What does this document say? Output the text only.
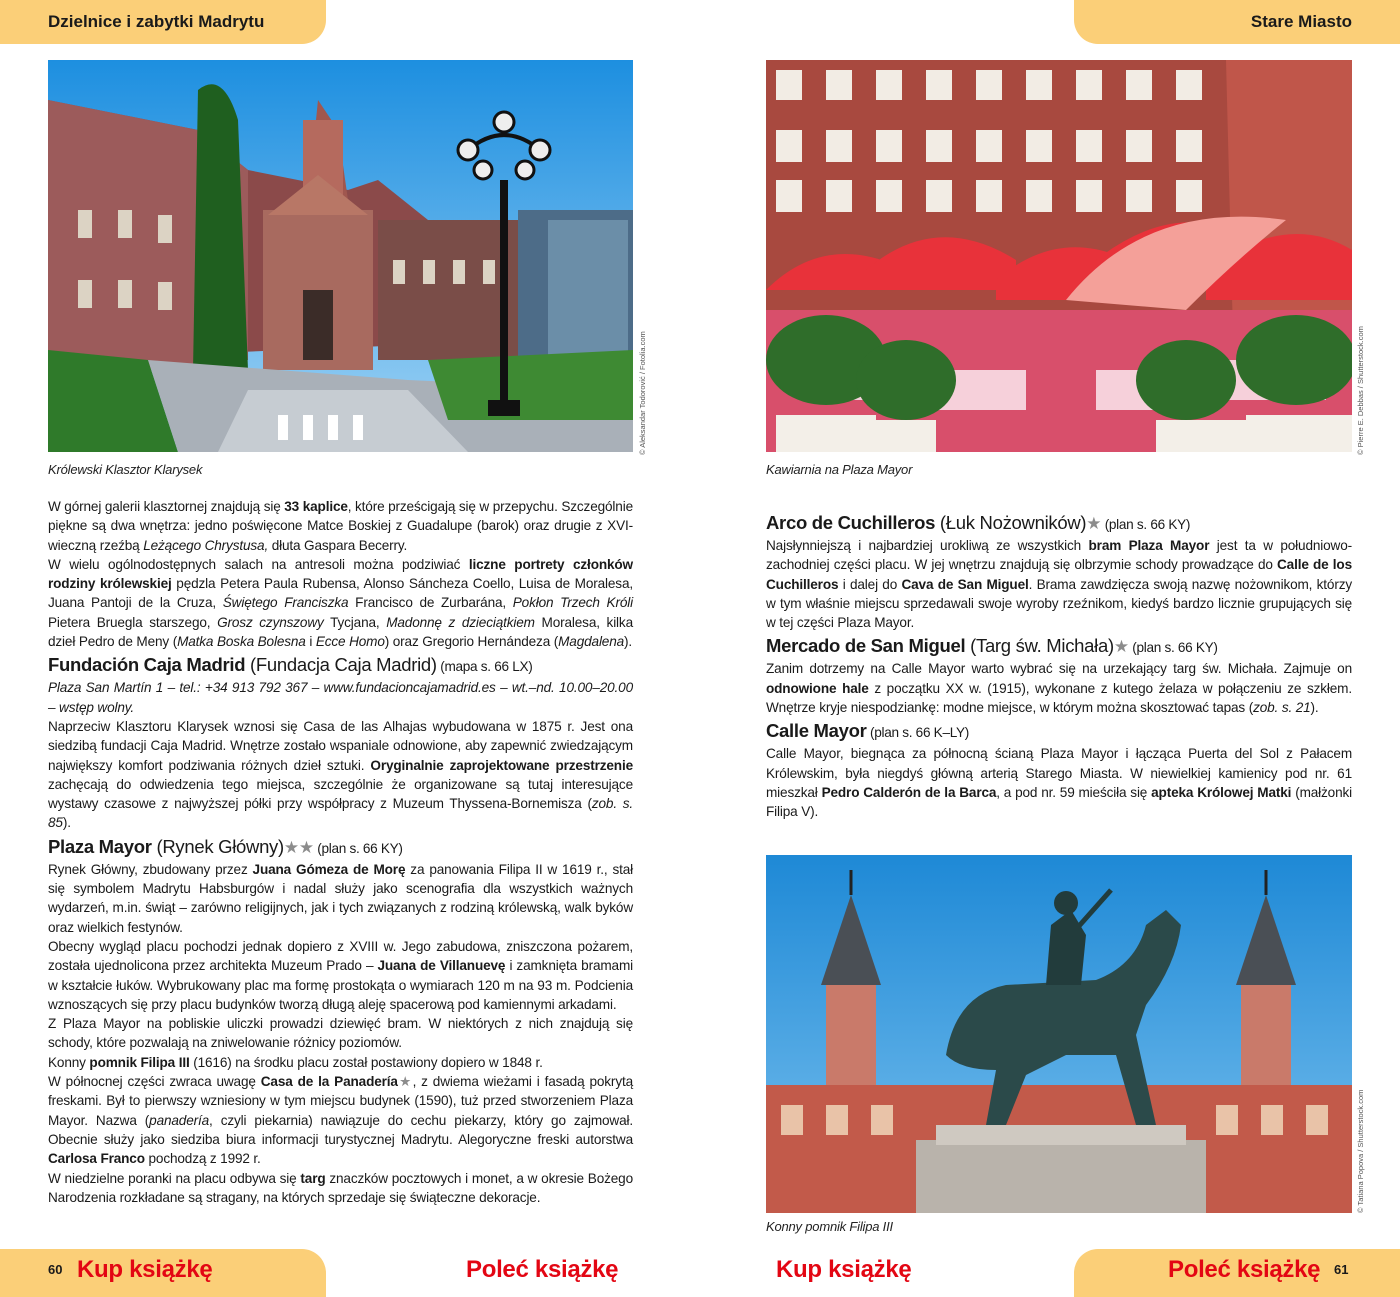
Dzielnice i zabytki Madrytu	Stare Miasto
© Aleksandar Todorović / Fotolia.com
Królewski Klasztor Klarysek
© Pierre E. Debbas / Shutterstock.com
Kawiarnia na Plaza Mayor
© Tatiana Popova / Shutterstock.com
Konny pomnik Filipa III

W górnej galerii klasztornej znajdują się 33 kaplice, które prześcigają się w przepychu. Szczególnie piękne są dwa wnętrza: jedno poświęcone Matce Boskiej z Guadalupe (barok) oraz drugie z XVI-wieczną rzeźbą Leżącego Chrystusa, dłuta Gaspara Becerry.

W wielu ogólnodostępnych salach na antresoli można podziwiać liczne portrety członków rodziny królewskiej pędzla Petera Paula Rubensa, Alonso Sáncheza Coello, Luisa de Moralesa, Juana Pantoji de la Cruza, Świętego Franciszka Francisco de Zurbarána, Pokłon Trzech Króli Pietera Bruegla starszego, Grosz czynszowy Tycjana, Madonnę z dzieciątkiem Moralesa, kilka dzieł Pedro de Meny (Matka Boska Bolesna i Ecce Homo) oraz Gregorio Hernándeza (Magdalena).

Fundación Caja Madrid (Fundacja Caja Madrid) (mapa s. 66 LX)

Plaza San Martín 1 – tel.: +34 913 792 367 – www.fundacioncajamadrid.es – wt.–nd. 10.00–20.00 – wstęp wolny.

Naprzeciw Klasztoru Klarysek wznosi się Casa de las Alhajas wybudowana w 1875 r. Jest ona siedzibą fundacji Caja Madrid. Wnętrze zostało wspaniale odnowione, aby zapewnić zwiedzającym największy komfort podziwania różnych dzieł sztuki. Oryginalnie zaprojektowane przestrzenie zachęcają do odwiedzenia tego miejsca, szczególnie że organizowane są tutaj interesujące wystawy czasowe z najwyższej półki przy współpracy z Muzeum Thyssena-Bornemisza (zob. s. 85).

Plaza Mayor (Rynek Główny)★★ (plan s. 66 KY)

Rynek Główny, zbudowany przez Juana Gómeza de Morę za panowania Filipa II w 1619 r., stał się symbolem Madrytu Habsburgów i nadal służy jako scenografia dla wszystkich ważnych wydarzeń, m.in. świąt – zarówno religijnych, jak i tych związanych z rodziną królewską, walk byków oraz wielkich festynów.

Obecny wygląd placu pochodzi jednak dopiero z XVIII w. Jego zabudowa, zniszczona pożarem, została ujednolicona przez architekta Muzeum Prado – Juana de Villanuevę i zamknięta bramami w kształcie łuków. Wybrukowany plac ma formę prostokąta o wymiarach 120 m na 93 m. Podcienia wznoszących się przy placu budynków tworzą długą aleję spacerową pod kamiennymi arkadami.

Z Plaza Mayor na pobliskie uliczki prowadzi dziewięć bram. W niektórych z nich znajdują się schody, które pozwalają na zniwelowanie różnicy poziomów.

Konny pomnik Filipa III (1616) na środku placu został postawiony dopiero w 1848 r.

W północnej części zwraca uwagę Casa de la Panadería★, z dwiema wieżami i fasadą pokrytą freskami. Był to pierwszy wzniesiony w tym miejscu budynek (1590), tuż przed stworzeniem Plaza Mayor. Nazwa (panadería, czyli piekarnia) nawiązuje do cechu piekarzy, który go zajmował. Obecnie służy jako siedziba biura informacji turystycznej Madrytu. Alegoryczne freski autorstwa Carlosa Franco pochodzą z 1992 r.

W niedzielne poranki na placu odbywa się targ znaczków pocztowych i monet, a w okresie Bożego Narodzenia rozkładane są stragany, na których sprzedaje się świąteczne dekoracje.

Arco de Cuchilleros (Łuk Nożowników)★ (plan s. 66 KY)

Najsłynniejszą i najbardziej urokliwą ze wszystkich bram Plaza Mayor jest ta w południowo-zachodniej części placu. W jej wnętrzu znajdują się olbrzymie schody prowadzące do Calle de los Cuchilleros i dalej do Cava de San Miguel. Brama zawdzięcza swoją nazwę nożownikom, którzy w tym właśnie miejscu sprzedawali swoje wyroby rzeźnikom, kiedyś bardzo licznie grupujących się w tej części Plaza Mayor.

Mercado de San Miguel (Targ św. Michała)★ (plan s. 66 KY)

Zanim dotrzemy na Calle Mayor warto wybrać się na urzekający targ św. Michała. Zajmuje on odnowione hale z początku XX w. (1915), wykonane z kutego żelaza w połączeniu ze szkłem. Wnętrze kryje niespodziankę: modne miejsce, w którym można skosztować tapas (zob. s. 21).

Calle Mayor (plan s. 66 K–LY)

Calle Mayor, biegnąca za północną ścianą Plaza Mayor i łącząca Puerta del Sol z Pałacem Królewskim, była niegdyś główną arterią Starego Miasta. W niewielkiej kamienicy pod nr. 61 mieszkał Pedro Calderón de la Barca, a pod nr. 59 mieściła się apteka Królowej Matki (małżonki Filipa V).

60	61
Kup książkę	Poleć książkę	Kup książkę	Poleć książkę
